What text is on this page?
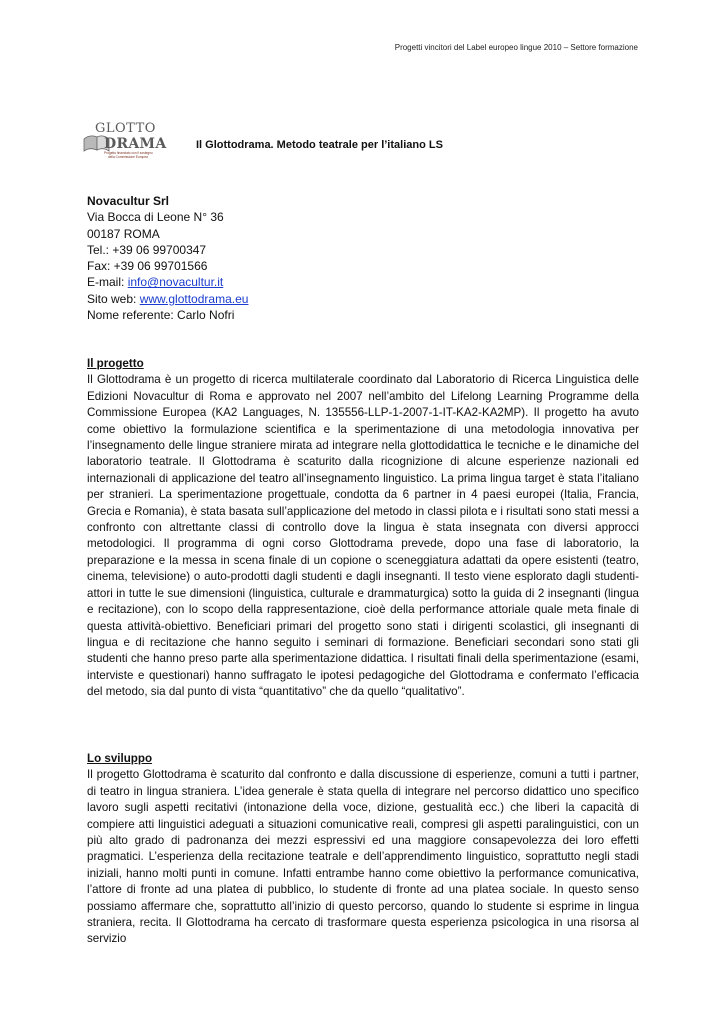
Progetti vincitori del Label europeo lingue 2010 – Settore formazione
GLOTTO
DRAMA
Progetto finanziato con il sostegno
della Commissione Europea
Il Glottodrama. Metodo teatrale per l’italiano LS
Novacultur Srl
Via Bocca di Leone N° 36
00187 ROMA
Tel.: +39 06 99700347
Fax: +39 06 99701566
E-mail: info@novacultur.it
Sito web: www.glottodrama.eu
Nome referente: Carlo Nofri
Il progetto

Il Glottodrama è un progetto di ricerca multilaterale coordinato dal Laboratorio di Ricerca Linguistica delle Edizioni Novacultur di Roma e approvato nel 2007 nell’ambito del Lifelong Learning Programme della Commissione Europea (KA2 Languages, N. 135556-LLP-1-2007-1-IT-KA2-KA2MP). Il progetto ha avuto come obiettivo la formulazione scientifica e la sperimentazione di una metodologia innovativa per l’insegnamento delle lingue straniere mirata ad integrare nella glottodidattica le tecniche e le dinamiche del laboratorio teatrale. Il Glottodrama è scaturito dalla ricognizione di alcune esperienze nazionali ed internazionali di applicazione del teatro all’insegnamento linguistico. La prima lingua target è stata l’italiano per stranieri. La sperimentazione progettuale, condotta da 6 partner in 4 paesi europei (Italia, Francia, Grecia e Romania), è stata basata sull’applicazione del metodo in classi pilota e i risultati sono stati messi a confronto con altrettante classi di controllo dove la lingua è stata insegnata con diversi approcci metodologici. Il programma di ogni corso Glottodrama prevede, dopo una fase di laboratorio, la preparazione e la messa in scena finale di un copione o sceneggiatura adattati da opere esistenti (teatro, cinema, televisione) o auto-prodotti dagli studenti e dagli insegnanti. Il testo viene esplorato dagli studenti-attori in tutte le sue dimensioni (linguistica, culturale e drammaturgica) sotto la guida di 2 insegnanti (lingua e recitazione), con lo scopo della rappresentazione, cioè della performance attoriale quale meta finale di questa attività-obiettivo. Beneficiari primari del progetto sono stati i dirigenti scolastici, gli insegnanti di lingua e di recitazione che hanno seguito i seminari di formazione. Beneficiari secondari sono stati gli studenti che hanno preso parte alla sperimentazione didattica. I risultati finali della sperimentazione (esami, interviste e questionari) hanno suffragato le ipotesi pedagogiche del Glottodrama e confermato l’efficacia del metodo, sia dal punto di vista “quantitativo” che da quello “qualitativo”.

Lo sviluppo

Il progetto Glottodrama è scaturito dal confronto e dalla discussione di esperienze, comuni a tutti i partner, di teatro in lingua straniera. L’idea generale è stata quella di integrare nel percorso didattico uno specifico lavoro sugli aspetti recitativi (intonazione della voce, dizione, gestualità ecc.) che liberi la capacità di compiere atti linguistici adeguati a situazioni comunicative reali, compresi gli aspetti paralinguistici, con un più alto grado di padronanza dei mezzi espressivi ed una maggiore consapevolezza dei loro effetti pragmatici. L’esperienza della recitazione teatrale e dell’apprendimento linguistico, soprattutto negli stadi iniziali, hanno molti punti in comune. Infatti entrambe hanno come obiettivo la performance comunicativa, l’attore di fronte ad una platea di pubblico, lo studente di fronte ad una platea sociale. In questo senso possiamo affermare che, soprattutto all’inizio di questo percorso, quando lo studente si esprime in lingua straniera, recita. Il Glottodrama ha cercato di trasformare questa esperienza psicologica in una risorsa al servizio
